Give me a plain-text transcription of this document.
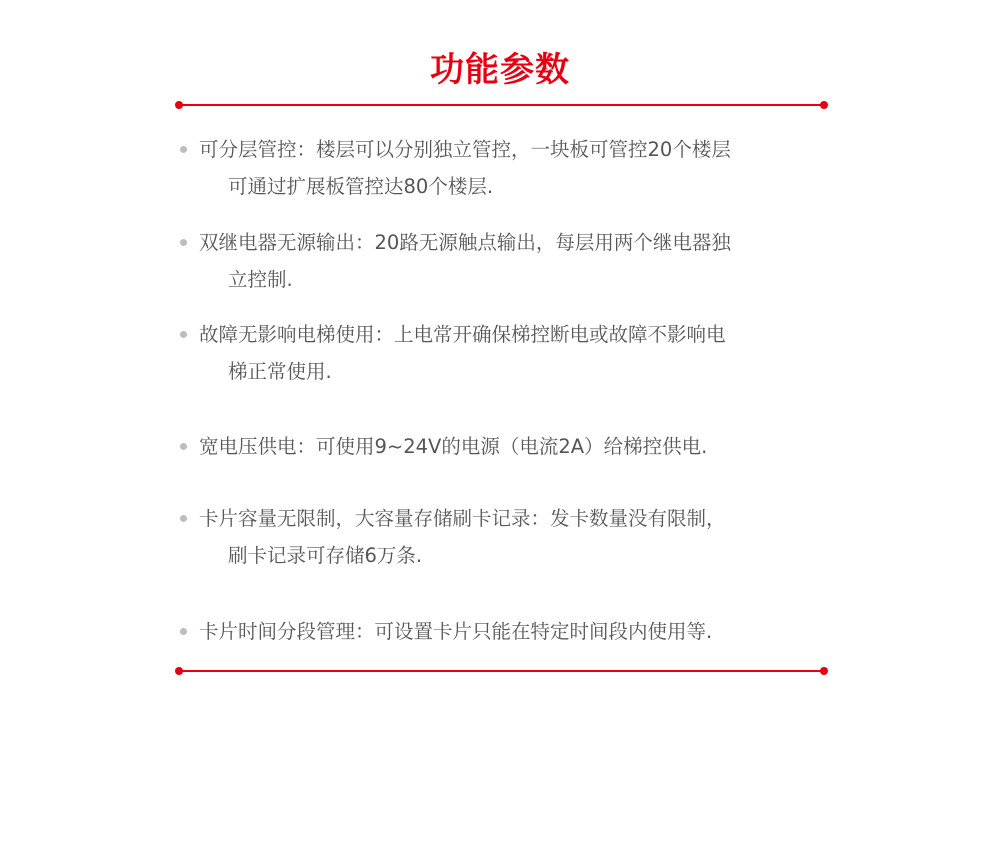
功能参数
可分层管控：楼层可以分别独立管控，一块板可管控20个楼层
可通过扩展板管控达80个楼层.
双继电器无源输出：20路无源触点输出，每层用两个继电器独
立控制.
故障无影响电梯使用：上电常开确保梯控断电或故障不影响电
梯正常使用.
宽电压供电：可使用9~24V的电源（电流2A）给梯控供电.
卡片容量无限制，大容量存储刷卡记录：发卡数量没有限制，
刷卡记录可存储6万条.
卡片时间分段管理：可设置卡片只能在特定时间段内使用等.
